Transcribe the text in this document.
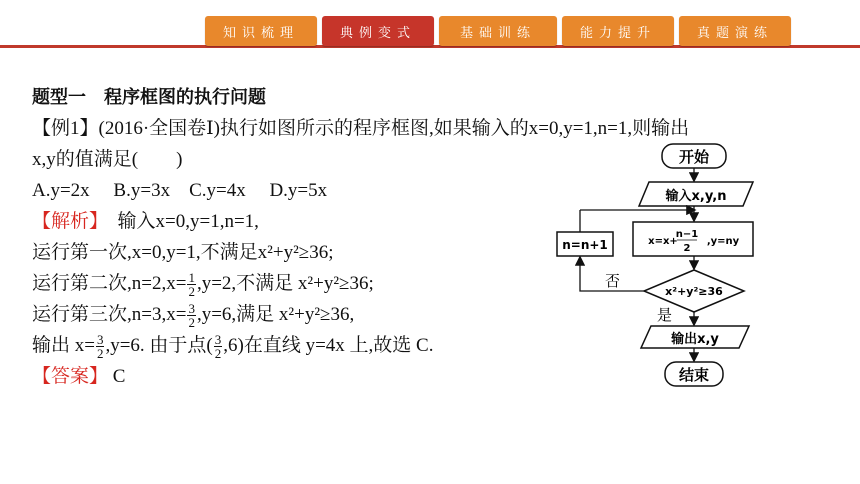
知识梳理	典例变式	基础训练	能力提升	真题演练
题型一　程序框图的执行问题
【例1】(2016·全国卷Ⅰ)执行如图所示的程序框图,如果输入的x=0,y=1,n=1,则输出
x,y的值满足(　　)
A.y=2x　 B.y=3x　C.y=4x　 D.y=5x
【解析】　输入x=0,y=1,n=1,
运行第一次,x=0,y=1,不满足x²+y²≥36;
运行第二次$,n=2,x= \frac{1}{2} ,y=2$,不满足 x²+y²≥36;
运行第三次$,n=3,x= \frac{3}{2} ,y=6$,满足 x²+y²≥36,
输出 $x= \frac{3}{2} ,y=6$. 由于点( $\frac{3}{2} ,6$)在直线 y=4x 上,故选 C.
【答案】 C
开始
输入x,y,n
x=x+
n−1
2
,y=ny
n=n+1
x²+y²≥36
否
是
输出x,y
结束
